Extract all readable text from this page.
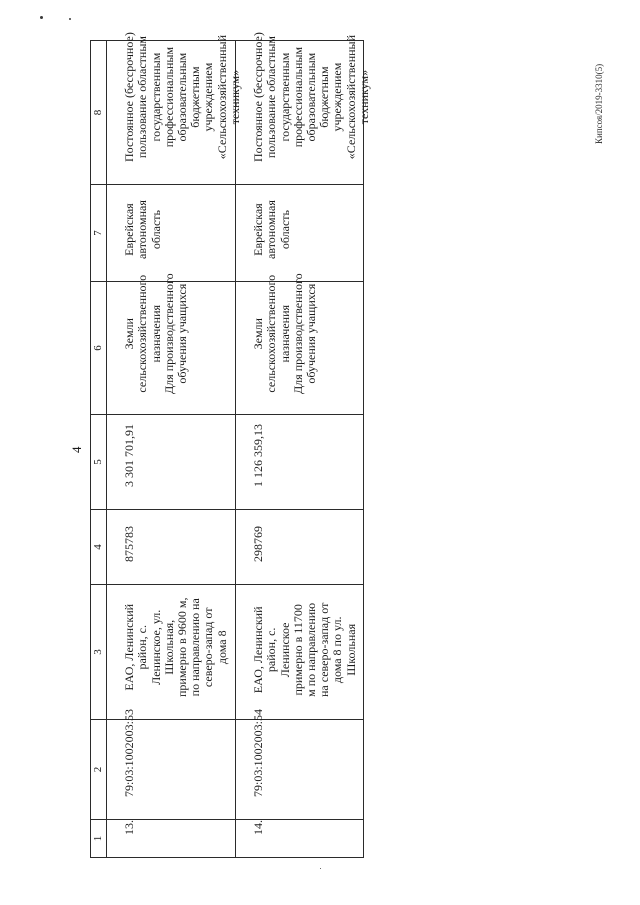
4
Кипсоя/2019-3310(5)
1
2
3
4
5
6
7
8

13.

79:03:1002003:53

ЕАО, Ленинский
район, с.
Ленинское, ул.
Школьная,
примерно в 9600 м,
по направлению на
северо-запад от
дома 8

875783

3 301 701,91

Земли
сельскохозяйственного
назначения
Для производственного
обучения учащихся

Еврейская
автономная
область

Постоянное (бессрочное)
пользование областным
государственным
профессиональным
образовательным
бюджетным
учреждением
«Сельскохозяйственный
техникум»

14.

79:03:1002003:54

ЕАО, Ленинский
район, с.
Ленинское
примерно в 11700
м по направлению
на северо-запад от
дома 8 по ул.
Школьная

298769

1 126 359,13

Земли
сельскохозяйственного
назначения
Для производственного
обучения учащихся

Еврейская
автономная
область

Постоянное (бессрочное)
пользование областным
государственным
профессиональным
образовательным
бюджетным
учреждением
«Сельскохозяйственный
техникум»
